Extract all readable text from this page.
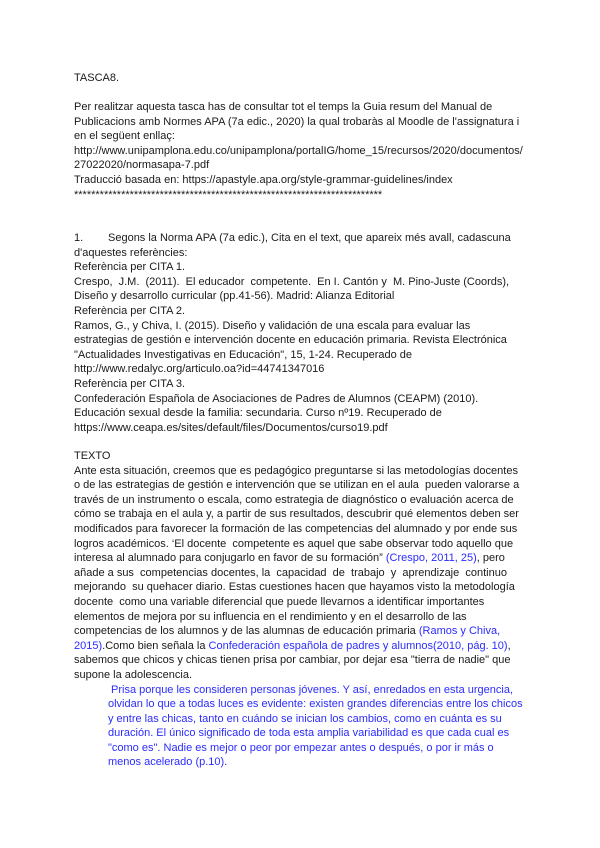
TASCA8.
Per realitzar aquesta tasca has de consultar tot el temps la Guia resum del Manual de
Publicacions amb Normes APA (7a edic., 2020) la qual trobaràs al Moodle de l'assignatura i
en el següent enllaç:
http://www.unipamplona.edu.co/unipamplona/portalIG/home_15/recursos/2020/documentos/
27022020/normasapa-7.pdf
Traducció basada en: https://apastyle.apa.org/style-grammar-guidelines/index
************************************************************************
1. Segons la Norma APA (7a edic.), Cita en el text, que apareix més avall, cadascuna
d'aquestes referències:
Referència per CITA 1.
Crespo,  J.M.  (2011).  El educador  competente.  En I. Cantón y  M. Pino-Juste (Coords),
Diseño y desarrollo curricular (pp.41-56). Madrid: Alianza Editorial
Referència per CITA 2.
Ramos, G., y Chiva, I. (2015). Diseño y validación de una escala para evaluar las
estrategias de gestión e intervención docente en educación primaria. Revista Electrónica
"Actualidades Investigativas en Educación", 15, 1-24. Recuperado de
http://www.redalyc.org/articulo.oa?id=44741347016
Referència per CITA 3.
Confederación Española de Asociaciones de Padres de Alumnos (CEAPM) (2010).
Educación sexual desde la familia: secundaria. Curso nº19. Recuperado de
https://www.ceapa.es/sites/default/files/Documentos/curso19.pdf
TEXTO
Ante esta situación, creemos que es pedagógico preguntarse si las metodologías docentes
o de las estrategias de gestión e intervención que se utilizan en el aula  pueden valorarse a
través de un instrumento o escala, como estrategia de diagnóstico o evaluación acerca de
cómo se trabaja en el aula y, a partir de sus resultados, descubrir qué elementos deben ser
modificados para favorecer la formación de las competencias del alumnado y por ende sus
logros académicos. ‘El docente  competente es aquel que sabe observar todo aquello que
interesa al alumnado para conjugarlo en favor de su formación” (Crespo, 2011, 25), pero
añade a sus  competencias docentes, la  capacidad  de  trabajo  y  aprendizaje  continuo
mejorando  su quehacer diario. Estas cuestiones hacen que hayamos visto la metodología
docente  como una variable diferencial que puede llevarnos a identificar importantes
elementos de mejora por su influencia en el rendimiento y en el desarrollo de las
competencias de los alumnos y de las alumnas de educación primaria (Ramos y Chiva,
2015).Como bien señala la Confederación española de padres y alumnos(2010, pág. 10),
sabemos que chicos y chicas tienen prisa por cambiar, por dejar esa "tierra de nadie" que
supone la adolescencia.
Prisa porque les consideren personas jóvenes. Y así, enredados en esta urgencia,
olvidan lo que a todas luces es evidente: existen grandes diferencias entre los chicos
y entre las chicas, tanto en cuándo se inician los cambios, como en cuánta es su
duración. El único significado de toda esta amplia variabilidad es que cada cual es
"como es". Nadie es mejor o peor por empezar antes o después, o por ir más o
menos acelerado (p.10).
